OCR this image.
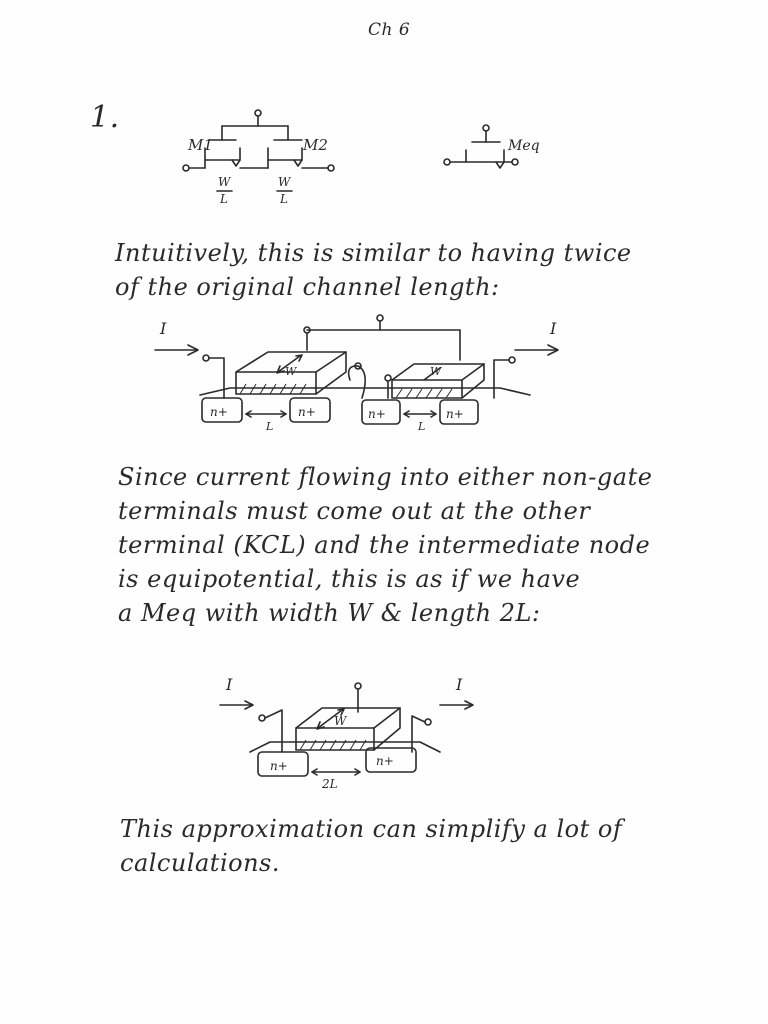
Ch 6
1.
M1	M2	Meq
W
L
W
L
I	I
W	W
n+	n+	n+	n+
L	L
I	I
W
n+	n+
2L
Intuitively, this is similar to having twice
of the original channel length:
Since current flowing into either non-gate
terminals must come out at the other
terminal (KCL) and the intermediate node
is equipotential, this is as if we have
a Meq with width W & length 2L:
This approximation can simplify a lot of
calculations.
